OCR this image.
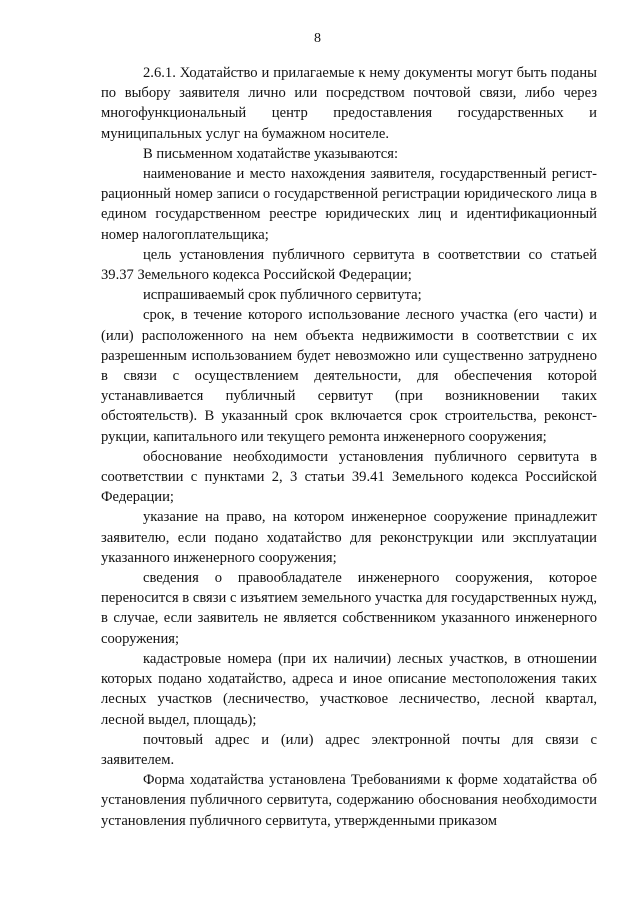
8

2.6.1. Ходатайство и прилагаемые к нему документы могут быть поданы по выбору заявителя лично или посредством почтовой связи, либо через многофункциональный центр предоставления государственных и муниципальных услуг на бумажном носителе.

В письменном ходатайстве указываются:

наименование и место нахождения заявителя, государственный регистрационный номер записи о государственной регистрации юридического лица в едином государственном реестре юридических лиц и идентификационный номер налогоплательщика;

цель установления публичного сервитута в соответствии со статьей 39.37 Земельного кодекса Российской Федерации;

испрашиваемый срок публичного сервитута;

срок, в течение которого использование лесного участка (его части) и (или) расположенного на нем объекта недвижимости в соответствии с их разрешенным использованием будет невозможно или существенно затруднено в связи с осуществлением деятельности, для обеспечения которой устанавливается публичный сервитут (при возникновении таких обстоятельств). В указанный срок включается срок строительства, реконструкции, капитального или текущего ремонта инженерного сооружения;

обоснование необходимости установления публичного сервитута в соответствии с пунктами 2, 3 статьи 39.41 Земельного кодекса Российской Федерации;

указание на право, на котором инженерное сооружение принадлежит заявителю, если подано ходатайство для реконструкции или эксплуатации указанного инженерного сооружения;

сведения о правообладателе инженерного сооружения, которое переносится в связи с изъятием земельного участка для государственных нужд, в случае, если заявитель не является собственником указанного инженерного сооружения;

кадастровые номера (при их наличии) лесных участков, в отношении которых подано ходатайство, адреса и иное описание местоположения таких лесных участков (лесничество, участковое лесничество, лесной квартал, лесной выдел, площадь);

почтовый адрес и (или) адрес электронной почты для связи с заявителем.

Форма ходатайства установлена Требованиями к форме ходатайства об установления публичного сервитута, содержанию обоснования необходимости установления публичного сервитута, утвержденными приказом
